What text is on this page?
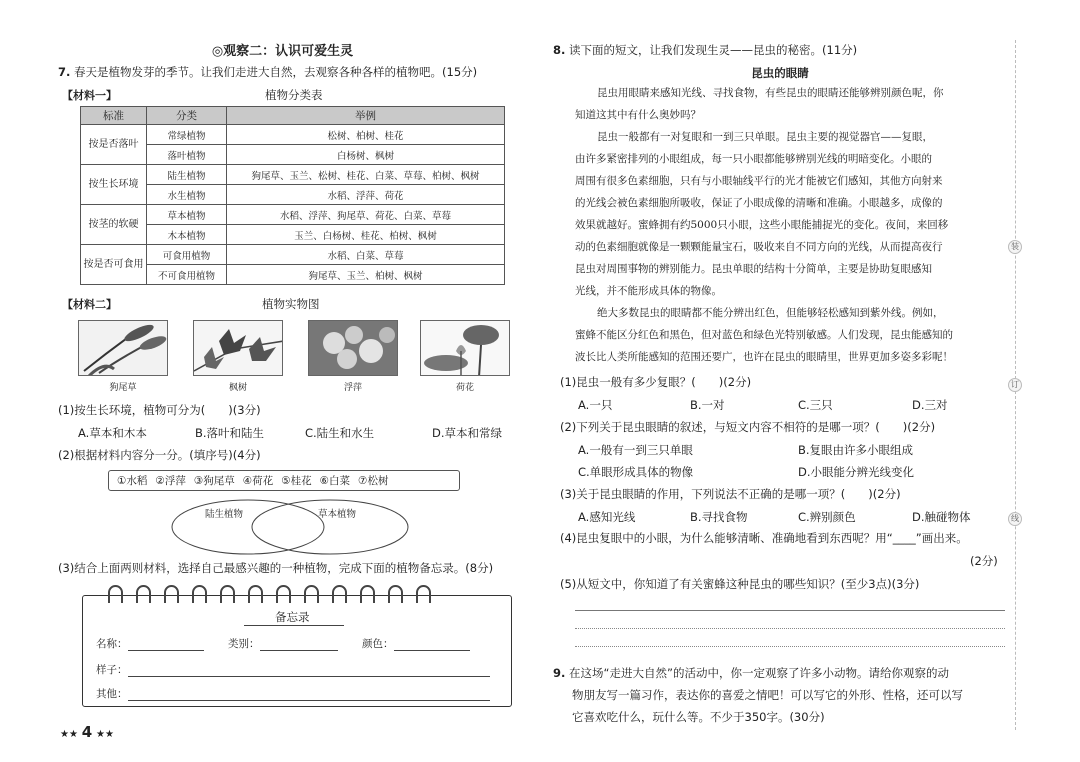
◎观察二：认识可爱生灵
7. 春天是植物发芽的季节。让我们走进大自然，去观察各种各样的植物吧。(15分)
【材料一】	植物分类表
标准	分类	举例
按是否落叶	常绿植物	松树、柏树、桂花
	落叶植物	白杨树、枫树
按生长环境	陆生植物	狗尾草、玉兰、松树、桂花、白菜、草莓、柏树、枫树
	水生植物	水稻、浮萍、荷花
按茎的软硬	草本植物	水稻、浮萍、狗尾草、荷花、白菜、草莓
	木本植物	玉兰、白杨树、桂花、柏树、枫树
按是否可食用	可食用植物	水稻、白菜、草莓
	不可食用植物	狗尾草、玉兰、柏树、枫树
【材料二】	植物实物图
狗尾草	枫树	浮萍	荷花
(1)按生长环境，植物可分为(　　)(3分)
A.草本和木本	B.落叶和陆生	C.陆生和水生	D.草本和常绿
(2)根据材料内容分一分。(填序号)(4分)
①水稻 ②浮萍 ③狗尾草 ④荷花 ⑤桂花 ⑥白菜 ⑦松树
陆生植物	草本植物
(3)结合上面两则材料，选择自己最感兴趣的一种植物，完成下面的植物备忘录。(8分)
备忘录
名称：	类别：	颜色：
样子：
其他：
★★ 4 ★★
8. 读下面的短文，让我们发现生灵——昆虫的秘密。(11分)
昆虫的眼睛
昆虫用眼睛来感知光线、寻找食物，有些昆虫的眼睛还能够辨别颜色呢，你
知道这其中有什么奥妙吗？
昆虫一般都有一对复眼和一到三只单眼。昆虫主要的视觉器官——复眼，
由许多紧密排列的小眼组成，每一只小眼都能够辨别光线的明暗变化。小眼的
周围有很多色素细胞，只有与小眼轴线平行的光才能被它们感知，其他方向射来
的光线会被色素细胞所吸收，保证了小眼成像的清晰和准确。小眼越多，成像的
效果就越好。蜜蜂拥有约5000只小眼，这些小眼能捕捉光的变化。夜间，来回移
动的色素细胞就像是一颗颗能量宝石，吸收来自不同方向的光线，从而提高夜行
昆虫对周围事物的辨别能力。昆虫单眼的结构十分简单，主要是协助复眼感知
光线，并不能形成具体的物像。
绝大多数昆虫的眼睛都不能分辨出红色，但能够轻松感知到紫外线。例如，
蜜蜂不能区分红色和黑色，但对蓝色和绿色光特别敏感。人们发现，昆虫能感知的
波长比人类所能感知的范围还要广，也许在昆虫的眼睛里，世界更加多姿多彩呢！
(1)昆虫一般有多少复眼？(　　)(2分)
A.一只	B.一对	C.三只	D.三对
(2)下列关于昆虫眼睛的叙述，与短文内容不相符的是哪一项？(　　)(2分)
A.一般有一到三只单眼	B.复眼由许多小眼组成
C.单眼形成具体的物像	D.小眼能分辨光线变化
(3)关于昆虫眼睛的作用，下列说法不正确的是哪一项？(　　)(2分)
A.感知光线	B.寻找食物	C.辨别颜色	D.触碰物体
(4)昆虫复眼中的小眼，为什么能够清晰、准确地看到东西呢？用“____”画出来。
(2分)
(5)从短文中，你知道了有关蜜蜂这种昆虫的哪些知识？(至少3点)(3分)
9. 在这场“走进大自然”的活动中，你一定观察了许多小动物。请给你观察的动
物朋友写一篇习作，表达你的喜爱之情吧！可以写它的外形、性格，还可以写
它喜欢吃什么，玩什么等。不少于350字。(30分)
装
订
线
